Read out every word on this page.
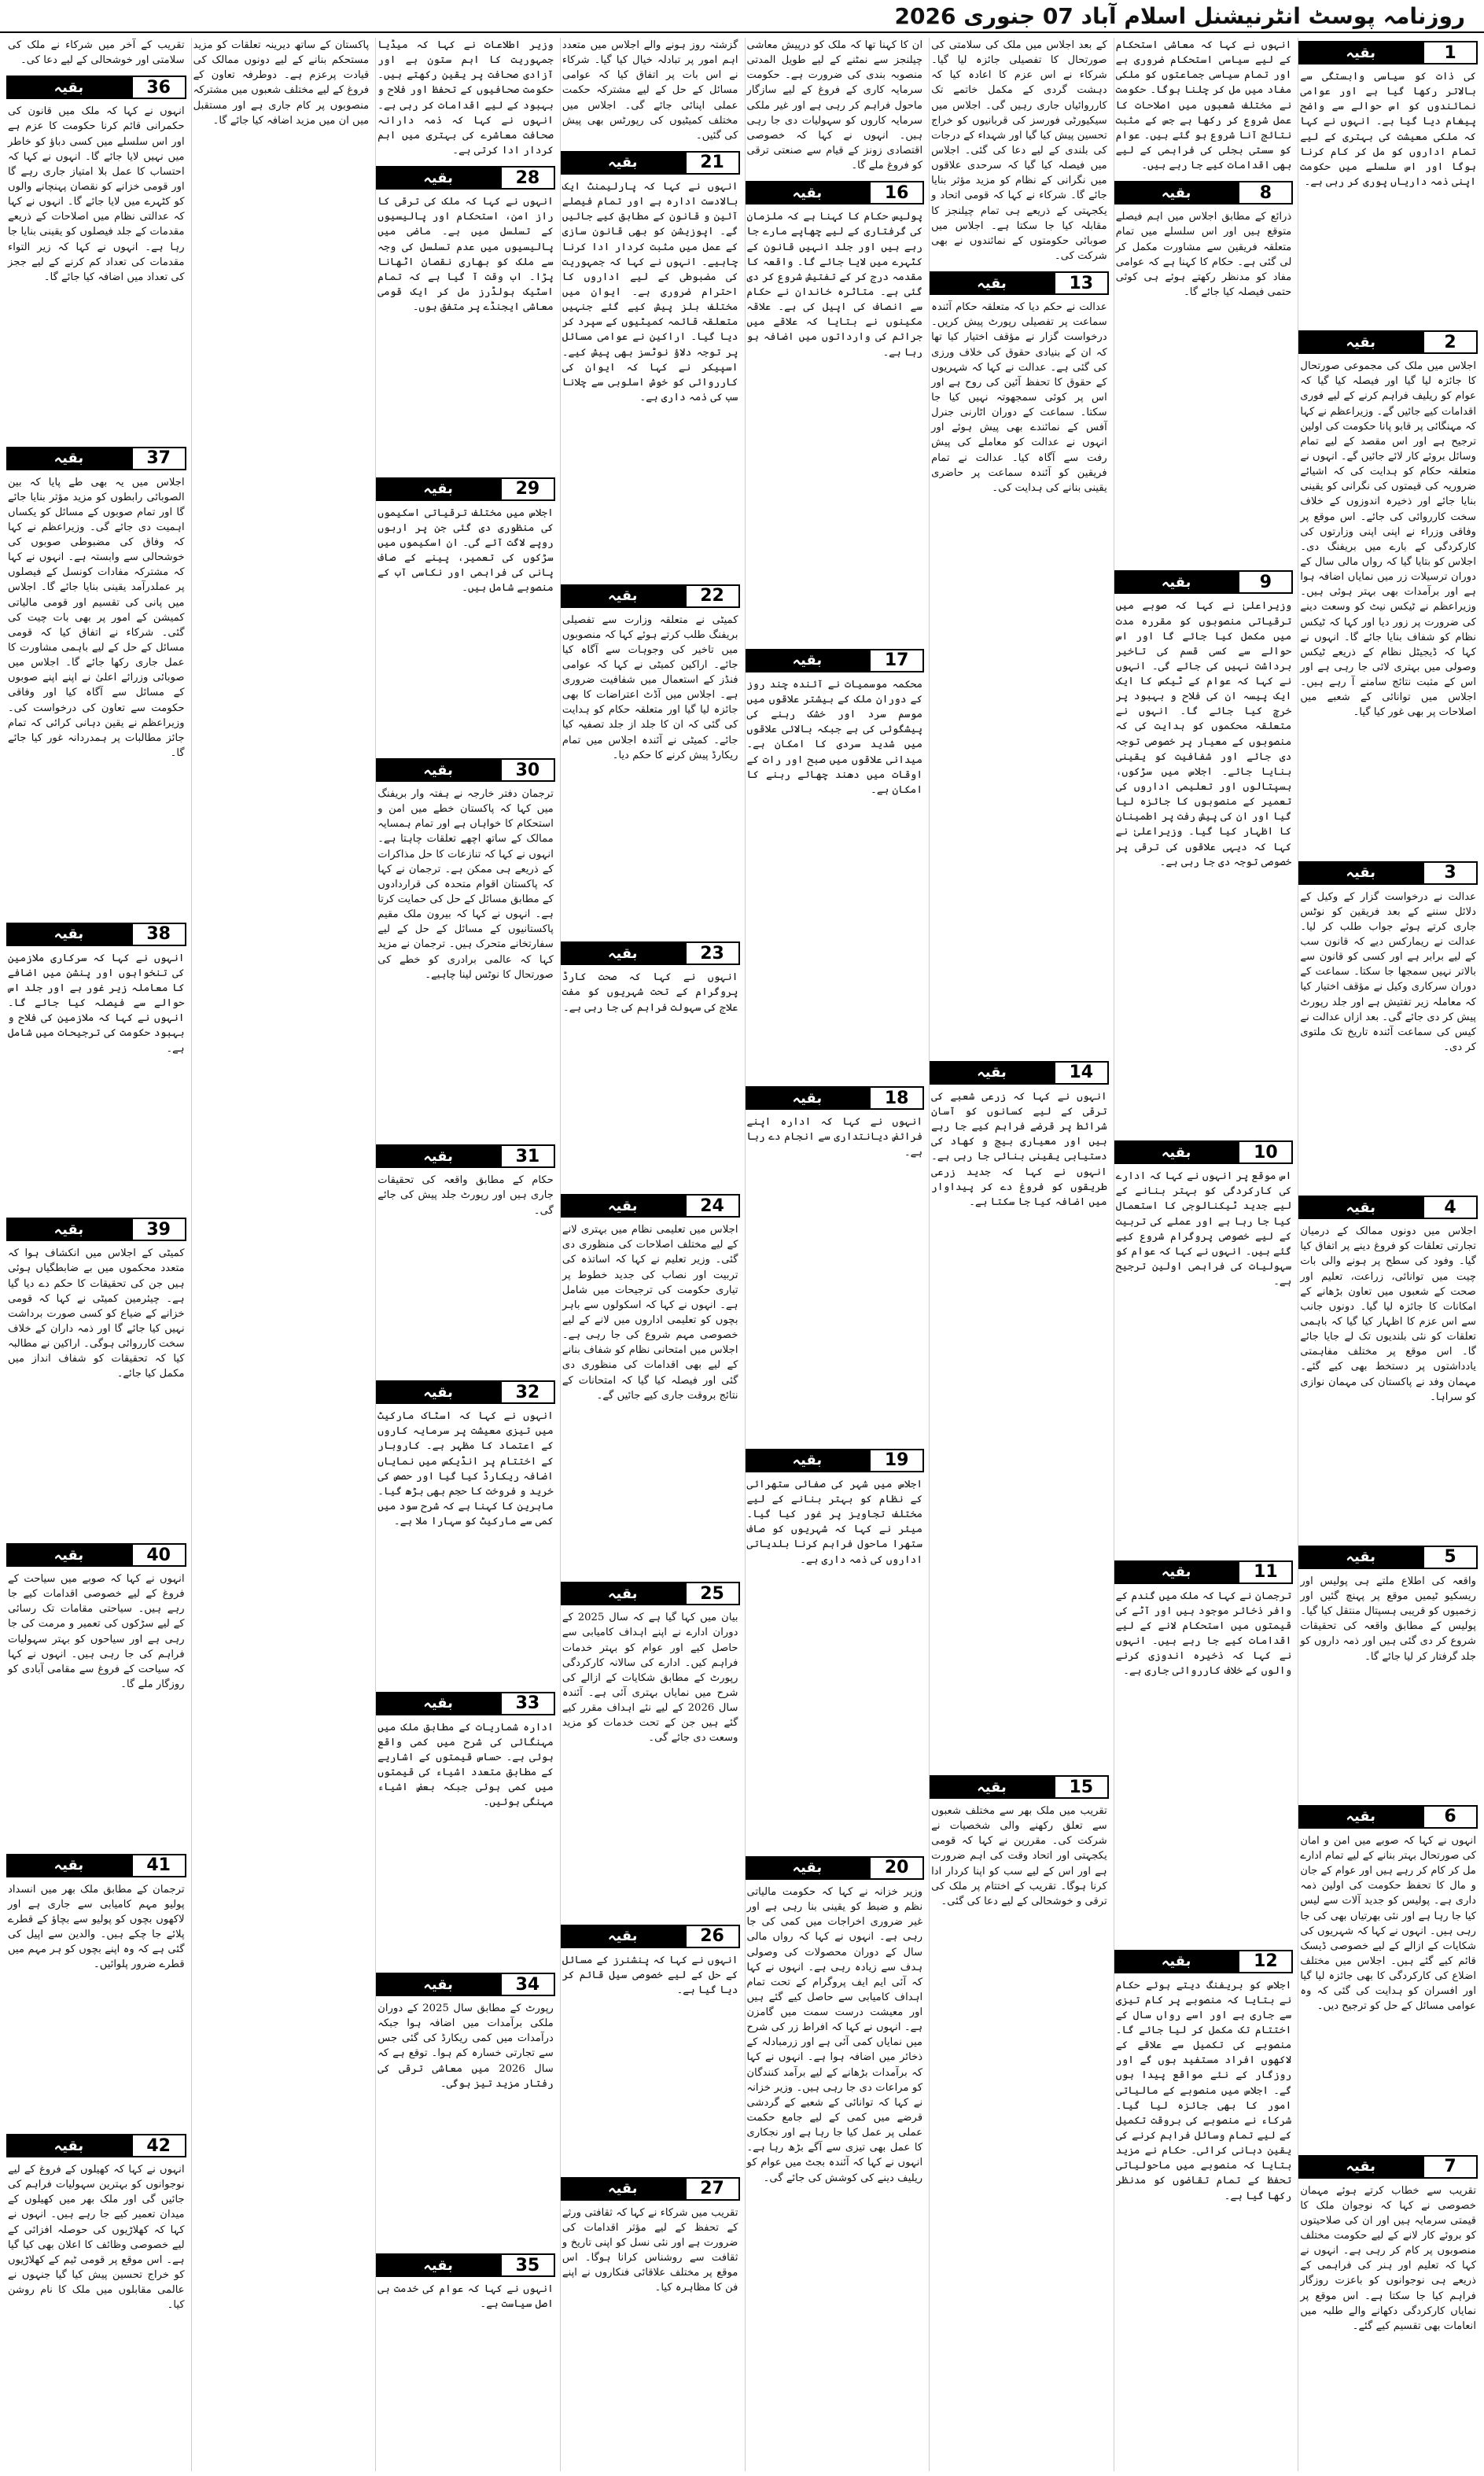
روزنامہ پوسٹ انٹرنیشنل اسلام آباد 07 جنوری 2026
بقیہ	1

کی ذات کو سیاسی وابستگی سے بالاتر رکھا گیا ہے اور عوامی نمائندوں کو اس حوالے سے واضح پیغام دیا گیا ہے۔ انہوں نے کہا کہ ملکی معیشت کی بہتری کے لیے تمام اداروں کو مل کر کام کرنا ہوگا اور اس سلسلے میں حکومت اپنی ذمہ داریاں پوری کر رہی ہے۔

بقیہ	2

اجلاس میں ملک کی مجموعی صورتحال کا جائزہ لیا گیا اور فیصلہ کیا گیا کہ عوام کو ریلیف فراہم کرنے کے لیے فوری اقدامات کیے جائیں گے۔ وزیراعظم نے کہا کہ مہنگائی پر قابو پانا حکومت کی اولین ترجیح ہے اور اس مقصد کے لیے تمام وسائل بروئے کار لائے جائیں گے۔ انہوں نے متعلقہ حکام کو ہدایت کی کہ اشیائے ضروریہ کی قیمتوں کی نگرانی کو یقینی بنایا جائے اور ذخیرہ اندوزوں کے خلاف سخت کارروائی کی جائے۔ اس موقع پر وفاقی وزراء نے اپنی اپنی وزارتوں کی کارکردگی کے بارے میں بریفنگ دی۔ اجلاس کو بتایا گیا کہ رواں مالی سال کے دوران ترسیلات زر میں نمایاں اضافہ ہوا ہے اور برآمدات بھی بہتر ہوئی ہیں۔ وزیراعظم نے ٹیکس نیٹ کو وسعت دینے کی ضرورت پر زور دیا اور کہا کہ ٹیکس نظام کو شفاف بنایا جائے گا۔ انہوں نے کہا کہ ڈیجیٹل نظام کے ذریعے ٹیکس وصولی میں بہتری لائی جا رہی ہے اور اس کے مثبت نتائج سامنے آ رہے ہیں۔ اجلاس میں توانائی کے شعبے میں اصلاحات پر بھی غور کیا گیا۔

بقیہ	3

عدالت نے درخواست گزار کے وکیل کے دلائل سننے کے بعد فریقین کو نوٹس جاری کرتے ہوئے جواب طلب کر لیا۔ عدالت نے ریمارکس دیے کہ قانون سب کے لیے برابر ہے اور کسی کو قانون سے بالاتر نہیں سمجھا جا سکتا۔ سماعت کے دوران سرکاری وکیل نے مؤقف اختیار کیا کہ معاملہ زیر تفتیش ہے اور جلد رپورٹ پیش کر دی جائے گی۔ بعد ازاں عدالت نے کیس کی سماعت آئندہ تاریخ تک ملتوی کر دی۔

بقیہ	4

اجلاس میں دونوں ممالک کے درمیان تجارتی تعلقات کو فروغ دینے پر اتفاق کیا گیا۔ وفود کی سطح پر ہونے والی بات چیت میں توانائی، زراعت، تعلیم اور صحت کے شعبوں میں تعاون بڑھانے کے امکانات کا جائزہ لیا گیا۔ دونوں جانب سے اس عزم کا اظہار کیا گیا کہ باہمی تعلقات کو نئی بلندیوں تک لے جایا جائے گا۔ اس موقع پر مختلف مفاہمتی یادداشتوں پر دستخط بھی کیے گئے۔ مہمان وفد نے پاکستان کی مہمان نوازی کو سراہا۔

بقیہ	5

واقعہ کی اطلاع ملتے ہی پولیس اور ریسکیو ٹیمیں موقع پر پہنچ گئیں اور زخمیوں کو قریبی ہسپتال منتقل کیا گیا۔ پولیس کے مطابق واقعہ کی تحقیقات شروع کر دی گئی ہیں اور ذمہ داروں کو جلد گرفتار کر لیا جائے گا۔

بقیہ	6

انہوں نے کہا کہ صوبے میں امن و امان کی صورتحال بہتر بنانے کے لیے تمام ادارے مل کر کام کر رہے ہیں اور عوام کے جان و مال کا تحفظ حکومت کی اولین ذمہ داری ہے۔ پولیس کو جدید آلات سے لیس کیا جا رہا ہے اور نئی بھرتیاں بھی کی جا رہی ہیں۔ انہوں نے کہا کہ شہریوں کی شکایات کے ازالے کے لیے خصوصی ڈیسک قائم کیے گئے ہیں۔ اجلاس میں مختلف اضلاع کی کارکردگی کا بھی جائزہ لیا گیا اور افسران کو ہدایت کی گئی کہ وہ عوامی مسائل کے حل کو ترجیح دیں۔

بقیہ	7

تقریب سے خطاب کرتے ہوئے مہمان خصوصی نے کہا کہ نوجوان ملک کا قیمتی سرمایہ ہیں اور ان کی صلاحیتوں کو بروئے کار لانے کے لیے حکومت مختلف منصوبوں پر کام کر رہی ہے۔ انہوں نے کہا کہ تعلیم اور ہنر کی فراہمی کے ذریعے ہی نوجوانوں کو باعزت روزگار فراہم کیا جا سکتا ہے۔ اس موقع پر نمایاں کارکردگی دکھانے والے طلبہ میں انعامات بھی تقسیم کیے گئے۔

انہوں نے کہا کہ معاشی استحکام کے لیے سیاسی استحکام ضروری ہے اور تمام سیاسی جماعتوں کو ملکی مفاد میں مل کر چلنا ہوگا۔ حکومت نے مختلف شعبوں میں اصلاحات کا عمل شروع کر رکھا ہے جس کے مثبت نتائج آنا شروع ہو گئے ہیں۔ عوام کو سستی بجلی کی فراہمی کے لیے بھی اقدامات کیے جا رہے ہیں۔

بقیہ	8

ذرائع کے مطابق اجلاس میں اہم فیصلے متوقع ہیں اور اس سلسلے میں تمام متعلقہ فریقین سے مشاورت مکمل کر لی گئی ہے۔ حکام کا کہنا ہے کہ عوامی مفاد کو مدنظر رکھتے ہوئے ہی کوئی حتمی فیصلہ کیا جائے گا۔

بقیہ	9

وزیراعلیٰ نے کہا کہ صوبے میں ترقیاتی منصوبوں کو مقررہ مدت میں مکمل کیا جائے گا اور اس حوالے سے کسی قسم کی تاخیر برداشت نہیں کی جائے گی۔ انہوں نے کہا کہ عوام کے ٹیکس کا ایک ایک پیسہ ان کی فلاح و بہبود پر خرچ کیا جائے گا۔ انہوں نے متعلقہ محکموں کو ہدایت کی کہ منصوبوں کے معیار پر خصوصی توجہ دی جائے اور شفافیت کو یقینی بنایا جائے۔ اجلاس میں سڑکوں، ہسپتالوں اور تعلیمی اداروں کی تعمیر کے منصوبوں کا جائزہ لیا گیا اور ان کی پیش رفت پر اطمینان کا اظہار کیا گیا۔ وزیراعلیٰ نے کہا کہ دیہی علاقوں کی ترقی پر خصوصی توجہ دی جا رہی ہے۔

بقیہ	10

اس موقع پر انہوں نے کہا کہ ادارے کی کارکردگی کو بہتر بنانے کے لیے جدید ٹیکنالوجی کا استعمال کیا جا رہا ہے اور عملے کی تربیت کے لیے خصوصی پروگرام شروع کیے گئے ہیں۔ انہوں نے کہا کہ عوام کو سہولیات کی فراہمی اولین ترجیح ہے۔

بقیہ	11

ترجمان نے کہا کہ ملک میں گندم کے وافر ذخائر موجود ہیں اور آٹے کی قیمتوں میں استحکام لانے کے لیے اقدامات کیے جا رہے ہیں۔ انہوں نے کہا کہ ذخیرہ اندوزی کرنے والوں کے خلاف کارروائی جاری ہے۔

بقیہ	12

اجلاس کو بریفنگ دیتے ہوئے حکام نے بتایا کہ منصوبے پر کام تیزی سے جاری ہے اور اسے رواں سال کے اختتام تک مکمل کر لیا جائے گا۔ منصوبے کی تکمیل سے علاقے کے لاکھوں افراد مستفید ہوں گے اور روزگار کے نئے مواقع پیدا ہوں گے۔ اجلاس میں منصوبے کے مالیاتی امور کا بھی جائزہ لیا گیا۔ شرکاء نے منصوبے کی بروقت تکمیل کے لیے تمام وسائل فراہم کرنے کی یقین دہانی کرائی۔ حکام نے مزید بتایا کہ منصوبے میں ماحولیاتی تحفظ کے تمام تقاضوں کو مدنظر رکھا گیا ہے۔

کے بعد اجلاس میں ملک کی سلامتی کی صورتحال کا تفصیلی جائزہ لیا گیا۔ شرکاء نے اس عزم کا اعادہ کیا کہ دہشت گردی کے مکمل خاتمے تک کارروائیاں جاری رہیں گی۔ اجلاس میں سیکیورٹی فورسز کی قربانیوں کو خراج تحسین پیش کیا گیا اور شہداء کے درجات کی بلندی کے لیے دعا کی گئی۔ اجلاس میں فیصلہ کیا گیا کہ سرحدی علاقوں میں نگرانی کے نظام کو مزید مؤثر بنایا جائے گا۔ شرکاء نے کہا کہ قومی اتحاد و یکجہتی کے ذریعے ہی تمام چیلنجز کا مقابلہ کیا جا سکتا ہے۔ اجلاس میں صوبائی حکومتوں کے نمائندوں نے بھی شرکت کی۔

بقیہ	13

عدالت نے حکم دیا کہ متعلقہ حکام آئندہ سماعت پر تفصیلی رپورٹ پیش کریں۔ درخواست گزار نے مؤقف اختیار کیا تھا کہ ان کے بنیادی حقوق کی خلاف ورزی کی گئی ہے۔ عدالت نے کہا کہ شہریوں کے حقوق کا تحفظ آئین کی روح ہے اور اس پر کوئی سمجھوتہ نہیں کیا جا سکتا۔ سماعت کے دوران اٹارنی جنرل آفس کے نمائندے بھی پیش ہوئے اور انہوں نے عدالت کو معاملے کی پیش رفت سے آگاہ کیا۔ عدالت نے تمام فریقین کو آئندہ سماعت پر حاضری یقینی بنانے کی ہدایت کی۔

بقیہ	14

انہوں نے کہا کہ زرعی شعبے کی ترقی کے لیے کسانوں کو آسان شرائط پر قرضے فراہم کیے جا رہے ہیں اور معیاری بیج و کھاد کی دستیابی یقینی بنائی جا رہی ہے۔ انہوں نے کہا کہ جدید زرعی طریقوں کو فروغ دے کر پیداوار میں اضافہ کیا جا سکتا ہے۔

بقیہ	15

تقریب میں ملک بھر سے مختلف شعبوں سے تعلق رکھنے والی شخصیات نے شرکت کی۔ مقررین نے کہا کہ قومی یکجہتی اور اتحاد وقت کی اہم ضرورت ہے اور اس کے لیے سب کو اپنا کردار ادا کرنا ہوگا۔ تقریب کے اختتام پر ملک کی ترقی و خوشحالی کے لیے دعا کی گئی۔

ان کا کہنا تھا کہ ملک کو درپیش معاشی چیلنجز سے نمٹنے کے لیے طویل المدتی منصوبہ بندی کی ضرورت ہے۔ حکومت سرمایہ کاری کے فروغ کے لیے سازگار ماحول فراہم کر رہی ہے اور غیر ملکی سرمایہ کاروں کو سہولیات دی جا رہی ہیں۔ انہوں نے کہا کہ خصوصی اقتصادی زونز کے قیام سے صنعتی ترقی کو فروغ ملے گا۔

بقیہ	16

پولیس حکام کا کہنا ہے کہ ملزمان کی گرفتاری کے لیے چھاپے مارے جا رہے ہیں اور جلد انہیں قانون کے کٹہرے میں لایا جائے گا۔ واقعہ کا مقدمہ درج کر کے تفتیش شروع کر دی گئی ہے۔ متاثرہ خاندان نے حکام سے انصاف کی اپیل کی ہے۔ علاقہ مکینوں نے بتایا کہ علاقے میں جرائم کی وارداتوں میں اضافہ ہو رہا ہے۔

بقیہ	17

محکمہ موسمیات نے آئندہ چند روز کے دوران ملک کے بیشتر علاقوں میں موسم سرد اور خشک رہنے کی پیشگوئی کی ہے جبکہ بالائی علاقوں میں شدید سردی کا امکان ہے۔ میدانی علاقوں میں صبح اور رات کے اوقات میں دھند چھائے رہنے کا امکان ہے۔

بقیہ	18

انہوں نے کہا کہ ادارہ اپنے فرائض دیانتداری سے انجام دے رہا ہے۔

بقیہ	19

اجلاس میں شہر کی صفائی ستھرائی کے نظام کو بہتر بنانے کے لیے مختلف تجاویز پر غور کیا گیا۔ میئر نے کہا کہ شہریوں کو صاف ستھرا ماحول فراہم کرنا بلدیاتی اداروں کی ذمہ داری ہے۔

بقیہ	20

وزیر خزانہ نے کہا کہ حکومت مالیاتی نظم و ضبط کو یقینی بنا رہی ہے اور غیر ضروری اخراجات میں کمی کی جا رہی ہے۔ انہوں نے کہا کہ رواں مالی سال کے دوران محصولات کی وصولی ہدف سے زیادہ رہی ہے۔ انہوں نے کہا کہ آئی ایم ایف پروگرام کے تحت تمام اہداف کامیابی سے حاصل کیے گئے ہیں اور معیشت درست سمت میں گامزن ہے۔ انہوں نے کہا کہ افراط زر کی شرح میں نمایاں کمی آئی ہے اور زرمبادلہ کے ذخائر میں اضافہ ہوا ہے۔ انہوں نے کہا کہ برآمدات بڑھانے کے لیے برآمد کنندگان کو مراعات دی جا رہی ہیں۔ وزیر خزانہ نے کہا کہ توانائی کے شعبے کے گردشی قرضے میں کمی کے لیے جامع حکمت عملی پر عمل کیا جا رہا ہے اور نجکاری کا عمل بھی تیزی سے آگے بڑھ رہا ہے۔ انہوں نے کہا کہ آئندہ بجٹ میں عوام کو ریلیف دینے کی کوشش کی جائے گی۔

گزشتہ روز ہونے والے اجلاس میں متعدد اہم امور پر تبادلہ خیال کیا گیا۔ شرکاء نے اس بات پر اتفاق کیا کہ عوامی مسائل کے حل کے لیے مشترکہ حکمت عملی اپنائی جائے گی۔ اجلاس میں مختلف کمیٹیوں کی رپورٹس بھی پیش کی گئیں۔

بقیہ	21

انہوں نے کہا کہ پارلیمنٹ ایک بالادست ادارہ ہے اور تمام فیصلے آئین و قانون کے مطابق کیے جائیں گے۔ اپوزیشن کو بھی قانون سازی کے عمل میں مثبت کردار ادا کرنا چاہیے۔ انہوں نے کہا کہ جمہوریت کی مضبوطی کے لیے اداروں کا احترام ضروری ہے۔ ایوان میں مختلف بلز پیش کیے گئے جنہیں متعلقہ قائمہ کمیٹیوں کے سپرد کر دیا گیا۔ اراکین نے عوامی مسائل پر توجہ دلاؤ نوٹسز بھی پیش کیے۔ اسپیکر نے کہا کہ ایوان کی کارروائی کو خوش اسلوبی سے چلانا سب کی ذمہ داری ہے۔

بقیہ	22

کمیٹی نے متعلقہ وزارت سے تفصیلی بریفنگ طلب کرتے ہوئے کہا کہ منصوبوں میں تاخیر کی وجوہات سے آگاہ کیا جائے۔ اراکین کمیٹی نے کہا کہ عوامی فنڈز کے استعمال میں شفافیت ضروری ہے۔ اجلاس میں آڈٹ اعتراضات کا بھی جائزہ لیا گیا اور متعلقہ حکام کو ہدایت کی گئی کہ ان کا جلد از جلد تصفیہ کیا جائے۔ کمیٹی نے آئندہ اجلاس میں تمام ریکارڈ پیش کرنے کا حکم دیا۔

بقیہ	23

انہوں نے کہا کہ صحت کارڈ پروگرام کے تحت شہریوں کو مفت علاج کی سہولت فراہم کی جا رہی ہے۔

بقیہ	24

اجلاس میں تعلیمی نظام میں بہتری لانے کے لیے مختلف اصلاحات کی منظوری دی گئی۔ وزیر تعلیم نے کہا کہ اساتذہ کی تربیت اور نصاب کی جدید خطوط پر تیاری حکومت کی ترجیحات میں شامل ہے۔ انہوں نے کہا کہ اسکولوں سے باہر بچوں کو تعلیمی اداروں میں لانے کے لیے خصوصی مہم شروع کی جا رہی ہے۔ اجلاس میں امتحانی نظام کو شفاف بنانے کے لیے بھی اقدامات کی منظوری دی گئی اور فیصلہ کیا گیا کہ امتحانات کے نتائج بروقت جاری کیے جائیں گے۔

بقیہ	25

بیان میں کہا گیا ہے کہ سال 2025 کے دوران ادارے نے اپنے اہداف کامیابی سے حاصل کیے اور عوام کو بہتر خدمات فراہم کیں۔ ادارے کی سالانہ کارکردگی رپورٹ کے مطابق شکایات کے ازالے کی شرح میں نمایاں بہتری آئی ہے۔ آئندہ سال 2026 کے لیے نئے اہداف مقرر کیے گئے ہیں جن کے تحت خدمات کو مزید وسعت دی جائے گی۔

بقیہ	26

انہوں نے کہا کہ پنشنرز کے مسائل کے حل کے لیے خصوصی سیل قائم کر دیا گیا ہے۔

بقیہ	27

تقریب میں شرکاء نے کہا کہ ثقافتی ورثے کے تحفظ کے لیے مؤثر اقدامات کی ضرورت ہے اور نئی نسل کو اپنی تاریخ و ثقافت سے روشناس کرانا ہوگا۔ اس موقع پر مختلف علاقائی فنکاروں نے اپنے فن کا مظاہرہ کیا۔

وزیر اطلاعات نے کہا کہ میڈیا جمہوریت کا اہم ستون ہے اور آزادی صحافت پر یقین رکھتے ہیں۔ حکومت صحافیوں کے تحفظ اور فلاح و بہبود کے لیے اقدامات کر رہی ہے۔ انہوں نے کہا کہ ذمہ دارانہ صحافت معاشرے کی بہتری میں اہم کردار ادا کرتی ہے۔

بقیہ	28

انہوں نے کہا کہ ملک کی ترقی کا راز امن، استحکام اور پالیسیوں کے تسلسل میں ہے۔ ماضی میں پالیسیوں میں عدم تسلسل کی وجہ سے ملک کو بھاری نقصان اٹھانا پڑا۔ اب وقت آ گیا ہے کہ تمام اسٹیک ہولڈرز مل کر ایک قومی معاشی ایجنڈے پر متفق ہوں۔

بقیہ	29

اجلاس میں مختلف ترقیاتی اسکیموں کی منظوری دی گئی جن پر اربوں روپے لاگت آئے گی۔ ان اسکیموں میں سڑکوں کی تعمیر، پینے کے صاف پانی کی فراہمی اور نکاسی آب کے منصوبے شامل ہیں۔

بقیہ	30

ترجمان دفتر خارجہ نے ہفتہ وار بریفنگ میں کہا کہ پاکستان خطے میں امن و استحکام کا خواہاں ہے اور تمام ہمسایہ ممالک کے ساتھ اچھے تعلقات چاہتا ہے۔ انہوں نے کہا کہ تنازعات کا حل مذاکرات کے ذریعے ہی ممکن ہے۔ ترجمان نے کہا کہ پاکستان اقوام متحدہ کی قراردادوں کے مطابق مسائل کے حل کی حمایت کرتا ہے۔ انہوں نے کہا کہ بیرون ملک مقیم پاکستانیوں کے مسائل کے حل کے لیے سفارتخانے متحرک ہیں۔ ترجمان نے مزید کہا کہ عالمی برادری کو خطے کی صورتحال کا نوٹس لینا چاہیے۔

بقیہ	31

حکام کے مطابق واقعہ کی تحقیقات جاری ہیں اور رپورٹ جلد پیش کی جائے گی۔

بقیہ	32

انہوں نے کہا کہ اسٹاک مارکیٹ میں تیزی معیشت پر سرمایہ کاروں کے اعتماد کا مظہر ہے۔ کاروبار کے اختتام پر انڈیکس میں نمایاں اضافہ ریکارڈ کیا گیا اور حصص کی خرید و فروخت کا حجم بھی بڑھ گیا۔ ماہرین کا کہنا ہے کہ شرح سود میں کمی سے مارکیٹ کو سہارا ملا ہے۔

بقیہ	33

ادارہ شماریات کے مطابق ملک میں مہنگائی کی شرح میں کمی واقع ہوئی ہے۔ حساس قیمتوں کے اشاریے کے مطابق متعدد اشیاء کی قیمتوں میں کمی ہوئی جبکہ بعض اشیاء مہنگی ہوئیں۔

بقیہ	34

رپورٹ کے مطابق سال 2025 کے دوران ملکی برآمدات میں اضافہ ہوا جبکہ درآمدات میں کمی ریکارڈ کی گئی جس سے تجارتی خسارہ کم ہوا۔ توقع ہے کہ سال 2026 میں معاشی ترقی کی رفتار مزید تیز ہوگی۔

بقیہ	35

انہوں نے کہا کہ عوام کی خدمت ہی اصل سیاست ہے۔

پاکستان کے ساتھ دیرینہ تعلقات کو مزید مستحکم بنانے کے لیے دونوں ممالک کی قیادت پرعزم ہے۔ دوطرفہ تعاون کے فروغ کے لیے مختلف شعبوں میں مشترکہ منصوبوں پر کام جاری ہے اور مستقبل میں ان میں مزید اضافہ کیا جائے گا۔

تقریب کے آخر میں شرکاء نے ملک کی سلامتی اور خوشحالی کے لیے دعا کی۔

بقیہ	36

انہوں نے کہا کہ ملک میں قانون کی حکمرانی قائم کرنا حکومت کا عزم ہے اور اس سلسلے میں کسی دباؤ کو خاطر میں نہیں لایا جائے گا۔ انہوں نے کہا کہ احتساب کا عمل بلا امتیاز جاری رہے گا اور قومی خزانے کو نقصان پہنچانے والوں کو کٹہرے میں لایا جائے گا۔ انہوں نے کہا کہ عدالتی نظام میں اصلاحات کے ذریعے مقدمات کے جلد فیصلوں کو یقینی بنایا جا رہا ہے۔ انہوں نے کہا کہ زیر التواء مقدمات کی تعداد کم کرنے کے لیے ججز کی تعداد میں اضافہ کیا جائے گا۔

بقیہ	37

اجلاس میں یہ بھی طے پایا کہ بین الصوبائی رابطوں کو مزید مؤثر بنایا جائے گا اور تمام صوبوں کے مسائل کو یکساں اہمیت دی جائے گی۔ وزیراعظم نے کہا کہ وفاق کی مضبوطی صوبوں کی خوشحالی سے وابستہ ہے۔ انہوں نے کہا کہ مشترکہ مفادات کونسل کے فیصلوں پر عملدرآمد یقینی بنایا جائے گا۔ اجلاس میں پانی کی تقسیم اور قومی مالیاتی کمیشن کے امور پر بھی بات چیت کی گئی۔ شرکاء نے اتفاق کیا کہ قومی مسائل کے حل کے لیے باہمی مشاورت کا عمل جاری رکھا جائے گا۔ اجلاس میں صوبائی وزرائے اعلیٰ نے اپنے اپنے صوبوں کے مسائل سے آگاہ کیا اور وفاقی حکومت سے تعاون کی درخواست کی۔ وزیراعظم نے یقین دہانی کرائی کہ تمام جائز مطالبات پر ہمدردانہ غور کیا جائے گا۔

بقیہ	38

انہوں نے کہا کہ سرکاری ملازمین کی تنخواہوں اور پنشن میں اضافے کا معاملہ زیر غور ہے اور جلد اس حوالے سے فیصلہ کیا جائے گا۔ انہوں نے کہا کہ ملازمین کی فلاح و بہبود حکومت کی ترجیحات میں شامل ہے۔

بقیہ	39

کمیٹی کے اجلاس میں انکشاف ہوا کہ متعدد محکموں میں بے ضابطگیاں ہوئی ہیں جن کی تحقیقات کا حکم دے دیا گیا ہے۔ چیئرمین کمیٹی نے کہا کہ قومی خزانے کے ضیاع کو کسی صورت برداشت نہیں کیا جائے گا اور ذمہ داران کے خلاف سخت کارروائی ہوگی۔ اراکین نے مطالبہ کیا کہ تحقیقات کو شفاف انداز میں مکمل کیا جائے۔

بقیہ	40

انہوں نے کہا کہ صوبے میں سیاحت کے فروغ کے لیے خصوصی اقدامات کیے جا رہے ہیں۔ سیاحتی مقامات تک رسائی کے لیے سڑکوں کی تعمیر و مرمت کی جا رہی ہے اور سیاحوں کو بہتر سہولیات فراہم کی جا رہی ہیں۔ انہوں نے کہا کہ سیاحت کے فروغ سے مقامی آبادی کو روزگار ملے گا۔

بقیہ	41

ترجمان کے مطابق ملک بھر میں انسداد پولیو مہم کامیابی سے جاری ہے اور لاکھوں بچوں کو پولیو سے بچاؤ کے قطرے پلائے جا چکے ہیں۔ والدین سے اپیل کی گئی ہے کہ وہ اپنے بچوں کو ہر مہم میں قطرے ضرور پلوائیں۔

بقیہ	42

انہوں نے کہا کہ کھیلوں کے فروغ کے لیے نوجوانوں کو بہترین سہولیات فراہم کی جائیں گی اور ملک بھر میں کھیلوں کے میدان تعمیر کیے جا رہے ہیں۔ انہوں نے کہا کہ کھلاڑیوں کی حوصلہ افزائی کے لیے خصوصی وظائف کا اعلان بھی کیا گیا ہے۔ اس موقع پر قومی ٹیم کے کھلاڑیوں کو خراج تحسین پیش کیا گیا جنہوں نے عالمی مقابلوں میں ملک کا نام روشن کیا۔
